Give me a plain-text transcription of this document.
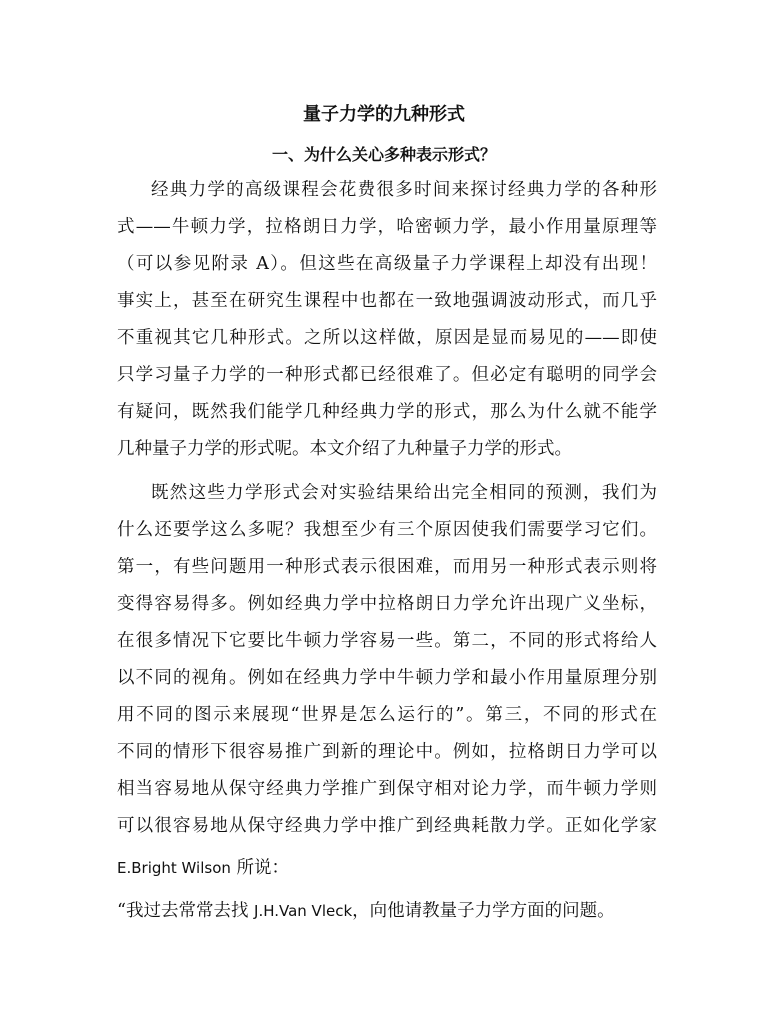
量子力学的九种形式
一、为什么关心多种表示形式？

经典力学的高级课程会花费很多时间来探讨经典力学的各种形

式——牛顿力学，拉格朗日力学，哈密顿力学，最小作用量原理等

（可以参见附录 A）。但这些在高级量子力学课程上却没有出现！

事实上，甚至在研究生课程中也都在一致地强调波动形式，而几乎

不重视其它几种形式。之所以这样做，原因是显而易见的——即使

只学习量子力学的一种形式都已经很难了。但必定有聪明的同学会

有疑问，既然我们能学几种经典力学的形式，那么为什么就不能学

几种量子力学的形式呢。本文介绍了九种量子力学的形式。

既然这些力学形式会对实验结果给出完全相同的预测，我们为

什么还要学这么多呢？我想至少有三个原因使我们需要学习它们。

第一，有些问题用一种形式表示很困难，而用另一种形式表示则将

变得容易得多。例如经典力学中拉格朗日力学允许出现广义坐标，

在很多情况下它要比牛顿力学容易一些。第二，不同的形式将给人

以不同的视角。例如在经典力学中牛顿力学和最小作用量原理分别

用不同的图示来展现“世界是怎么运行的”。第三，不同的形式在

不同的情形下很容易推广到新的理论中。例如，拉格朗日力学可以

相当容易地从保守经典力学推广到保守相对论力学，而牛顿力学则

可以很容易地从保守经典力学中推广到经典耗散力学。正如化学家

E.Bright Wilson 所说：

“我过去常常去找 J.H.Van Vleck，向他请教量子力学方面的问题。
